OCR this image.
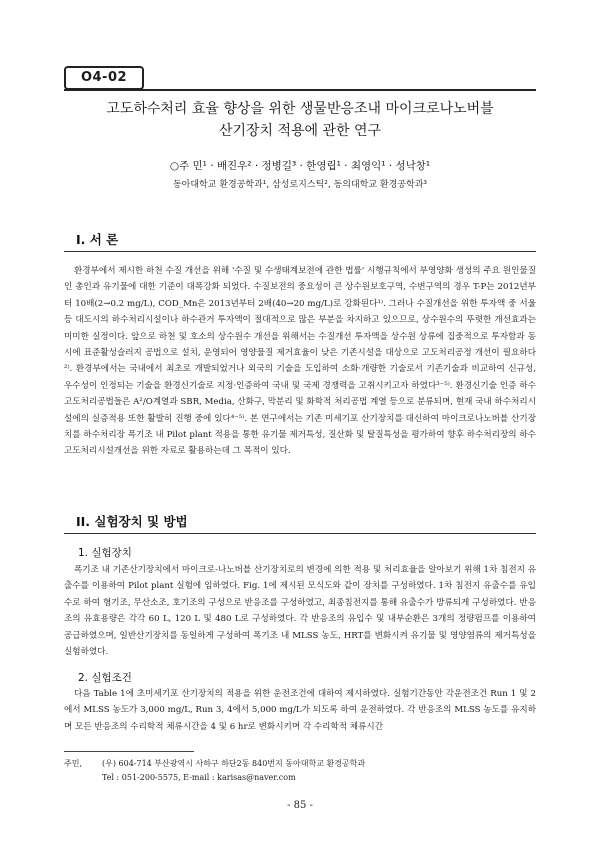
O4-02
고도하수처리 효율 향상을 위한 생물반응조내 마이크로나노버블
산기장치 적용에 관한 연구
○주 민¹ · 배진우² · 정병길³ · 한영립¹ · 최영익¹ · 성낙창¹
동아대학교 환경공학과¹, 삼성로지스틱², 동의대학교 환경공학과³
I. 서 론

환경부에서 제시한 하천 수질 개선을 위해 '수질 및 수생태계보전에 관한 법률' 시행규칙에서 부영양화 생성의 주요 원인물질인 총인과 유기물에 대한 기준이 대폭강화 되었다. 수질보전의 중요성이 큰 상수원보호구역, 수변구역의 경우 T-P는 2012년부터 10배(2→0.2 mg/L), COD_Mn은 2013년부터 2배(40→20 mg/L)로 강화된다¹⁾. 그러나 수질개선을 위한 투자액 중 서울 등 대도시의 하수처리시설이나 하수관거 투자액이 절대적으로 많은 부분을 차지하고 있으므로, 상수원수의 뚜렷한 개선효과는 미미한 실정이다. 앞으로 하천 및 호소의 상수원수 개선을 위해서는 수질개선 투자액을 상수원 상류에 집중적으로 투자함과 동시에 표준활성슬러지 공법으로 설치, 운영되어 영양물질 제거효율이 낮은 기존시설을 대상으로 고도처리공정 개선이 필요하다²⁾. 환경부에서는 국내에서 최초로 개발되었거나 외국의 기술을 도입하여 소화·개량한 기술로서 기존기술과 비교하여 신규성, 우수성이 인정되는 기술을 환경신기술로 지정·인증하여 국내 및 국제 경쟁력을 고취시키고자 하였다³⁻⁵⁾. 환경신기술 인증 하수고도처리공법들은 A²/O계열과 SBR, Media, 산화구, 막분리 및 화학적 처리공법 계열 등으로 분류되며, 현재 국내 하수처리시설에의 실증적용 또한 활발히 진행 중에 있다⁴⁻⁵⁾. 본 연구에서는 기존 미세기포 산기장치를 대신하여 마이크로나노버블 산기장치를 하수처리장 폭기조 내 Pilot plant 적용을 통한 유기물 제거특성, 질산화 및 탈질특성을 평가하여 향후 하수처리장의 하수고도처리시설개선을 위한 자료로 활용하는데 그 목적이 있다.

II. 실험장치 및 방법
1. 실험장치

폭기조 내 기존산기장치에서 마이크로-나노버블 산기장치로의 변경에 의한 적용 및 처리효율을 알아보기 위해 1차 침전지 유출수를 이용하여 Pilot plant 실험에 임하였다. Fig. 1에 제시된 모식도와 같이 장치를 구성하였다. 1차 침전지 유출수를 유입수로 하여 혐기조, 무산소조, 호기조의 구성으로 반응조를 구성하였고, 최종침전지를 통해 유출수가 방류되게 구성하였다. 반응조의 유효용량은 각각 60 L, 120 L 및 480 L로 구성하였다. 각 반응조의 유입수 및 내부순환은 3개의 정량펌프를 이용하여 공급하였으며, 일반산기장치를 동일하게 구성하여 폭기조 내 MLSS 농도, HRT를 변화시켜 유기물 및 영양염류의 제거특성을 실험하였다.

2. 실험조건

다음 Table 1에 초미세기포 산기장치의 적용을 위한 운전조건에 대하여 제시하였다. 실험기간동안 각운전조건 Run 1 및 2에서 MLSS 농도가 3,000 mg/L, Run 3, 4에서 5,000 mg/L가 되도록 하여 운전하였다. 각 반응조의 MLSS 농도를 유지하며 모든 반응조의 수리학적 체류시간을 4 및 6 hr로 변화시키며 각 수리학적 체류시간

주민,	(우) 604-714 부산광역시 사하구 하단2동 840번지 동아대학교 환경공학과
Tel : 051-200-5575, E-mail : karisas@naver.com
- 85 -
